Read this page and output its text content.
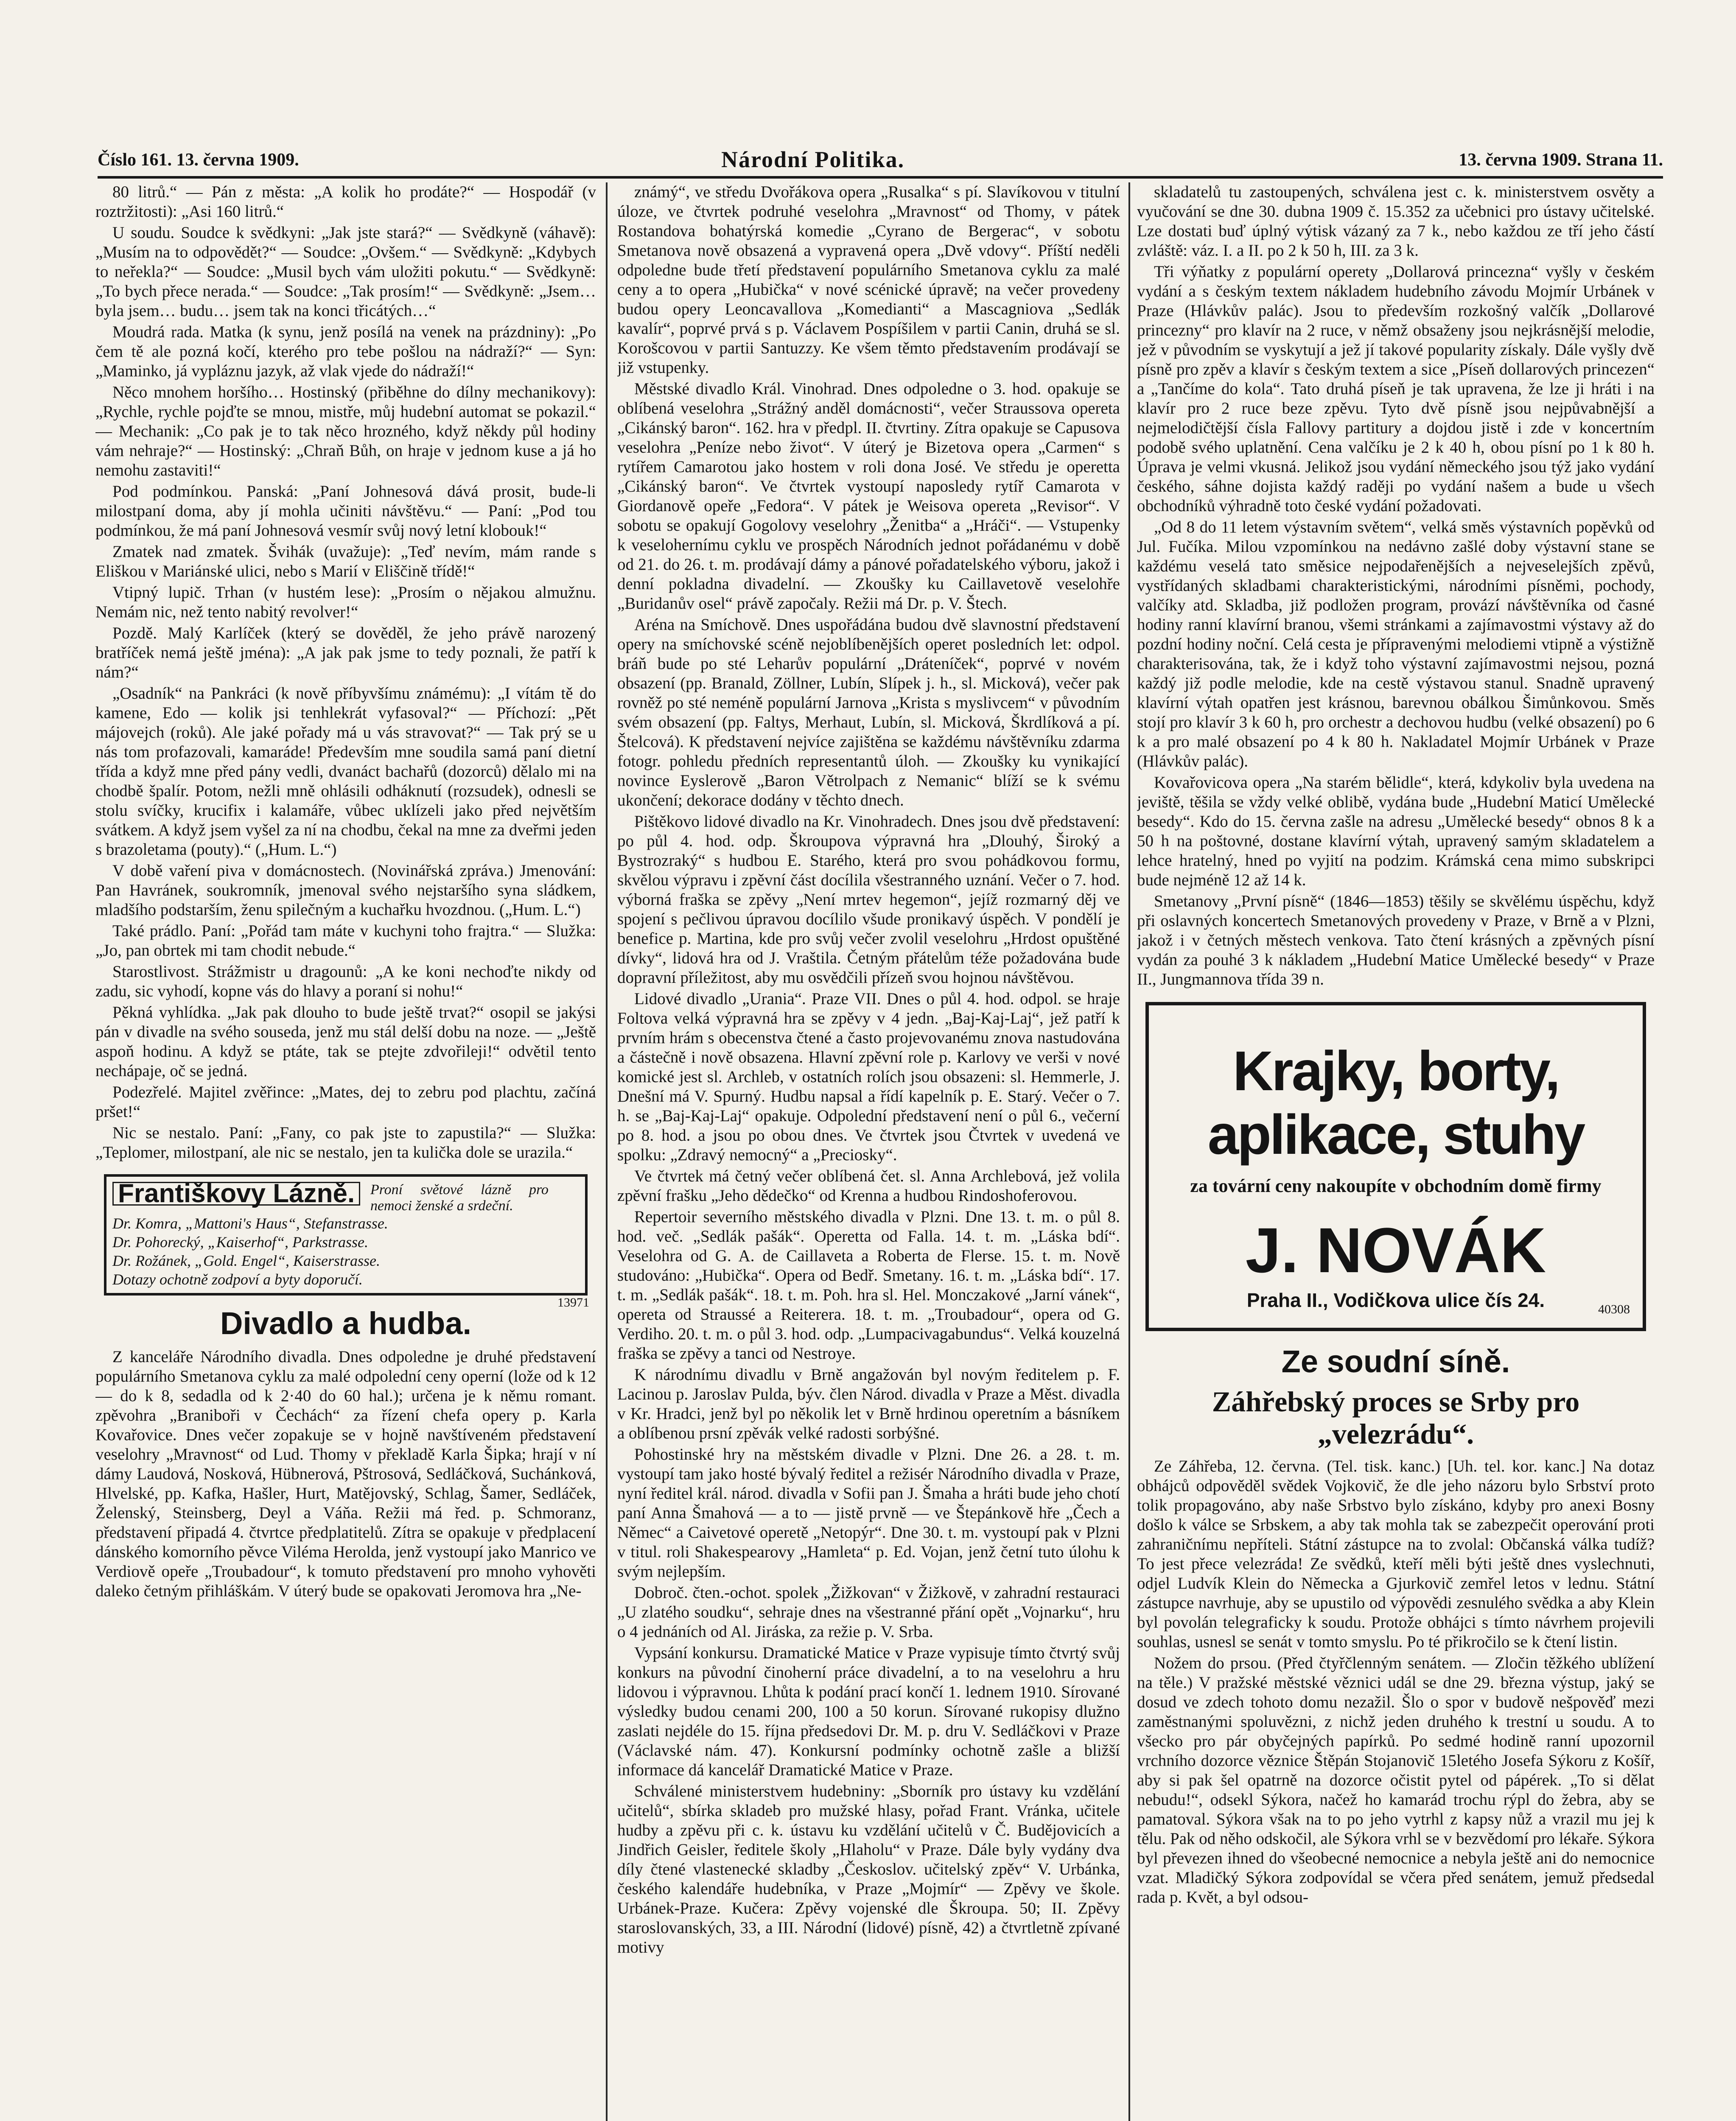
Číslo 161. 13. června 1909.	Národní Politika.	13. června 1909. Strana 11.

80 litrů.“ — Pán z města: „A kolik ho prodáte?“ — Hospodář (v roztržitosti): „Asi 160 litrů.“

U soudu. Soudce k svědkyni: „Jak jste stará?“ — Svědkyně (váhavě): „Musím na to odpovědět?“ — Soudce: „Ovšem.“ — Svědkyně: „Kdybych to neřekla?“ — Soudce: „Musil bych vám uložiti pokutu.“ — Svědkyně: „To bych přece nerada.“ — Soudce: „Tak prosím!“ — Svědkyně: „Jsem… byla jsem… budu… jsem tak na konci třicátých…“

Moudrá rada. Matka (k synu, jenž posílá na venek na prázdniny): „Po čem tě ale pozná kočí, kterého pro tebe pošlou na nádraží?“ — Syn: „Maminko, já vypláznu jazyk, až vlak vjede do nádraží!“

Něco mnohem horšího… Hostinský (přiběhne do dílny mechanikovy): „Rychle, rychle pojďte se mnou, mistře, můj hudební automat se pokazil.“ — Mechanik: „Co pak je to tak něco hrozného, když někdy půl hodiny vám nehraje?“ — Hostinský: „Chraň Bůh, on hraje v jednom kuse a já ho nemohu zastaviti!“

Pod podmínkou. Panská: „Paní Johnesová dává prosit, bude-li milostpaní doma, aby jí mohla učiniti návštěvu.“ — Paní: „Pod tou podmínkou, že má paní Johnesová vesmír svůj nový letní klobouk!“

Zmatek nad zmatek. Švihák (uvažuje): „Teď nevím, mám rande s Eliškou v Mariánské ulici, nebo s Marií v Eliščině třídě!“

Vtipný lupič. Trhan (v hustém lese): „Prosím o nějakou almužnu. Nemám nic, než tento nabitý revolver!“

Pozdě. Malý Karlíček (který se dověděl, že jeho právě narozený bratříček nemá ještě jména): „A jak pak jsme to tedy poznali, že patří k nám?“

„Osadník“ na Pankráci (k nově příbyvšímu známému): „I vítám tě do kamene, Edo — kolik jsi tenhlekrát vyfasoval?“ — Příchozí: „Pět májovejch (roků). Ale jaké pořady má u vás stravovat?“ — Tak prý se u nás tom profazovali, kamaráde! Především mne soudila samá paní dietní třída a když mne před pány vedli, dvanáct bachařů (dozorců) dělalo mi na chodbě špalír. Potom, nežli mně ohlásili odháknutí (rozsudek), odnesli se stolu svíčky, krucifix i kalamáře, vůbec uklízeli jako před největším svátkem. A když jsem vyšel za ní na chodbu, čekal na mne za dveřmi jeden s brazoletama (pouty).“ („Hum. L.“)

V době vaření piva v domácnostech. (Novinářská zpráva.) Jmenování: Pan Havránek, soukromník, jmenoval svého nejstaršího syna sládkem, mladšího podstarším, ženu spilečným a kuchařku hvozdnou. („Hum. L.“)

Také prádlo. Paní: „Pořád tam máte v kuchyni toho frajtra.“ — Služka: „Jo, pan obrtek mi tam chodit nebude.“

Starostlivost. Strážmistr u dragounů: „A ke koni nechoďte nikdy od zadu, sic vyhodí, kopne vás do hlavy a poraní si nohu!“

Pěkná vyhlídka. „Jak pak dlouho to bude ještě trvat?“ osopil se jakýsi pán v divadle na svého souseda, jenž mu stál delší dobu na noze. — „Ještě aspoň hodinu. A když se ptáte, tak se ptejte zdvořileji!“ odvětil tento nechápaje, oč se jedná.

Podezřelé. Majitel zvěřince: „Mates, dej to zebru pod plachtu, začíná pršet!“

Nic se nestalo. Paní: „Fany, co pak jste to zapustila?“ — Služka: „Teplomer, milostpaní, ale nic se nestalo, jen ta kulička dole se urazila.“

Františkovy Lázně. Proní světové lázně pro nemoci ženské a srdeční.
Dr. Komra, „Mattoni's Haus“, Stefanstrasse.
Dr. Pohorecký, „Kaiserhof“, Parkstrasse.
Dr. Rožánek, „Gold. Engel“, Kaiserstrasse.
Dotazy ochotně zodpoví a byty doporučí.
13971
Divadlo a hudba.

Z kanceláře Národního divadla. Dnes odpoledne je druhé představení populárního Smetanova cyklu za malé odpolední ceny operní (lože od k 12— do k 8, sedadla od k 2·40 do 60 hal.); určena je k němu romant. zpěvohra „Braniboři v Čechách“ za řízení chefa opery p. Karla Kovařovice. Dnes večer zopakuje se v hojně navštíveném představení veselohry „Mravnost“ od Lud. Thomy v překladě Karla Šipka; hrají v ní dámy Laudová, Nosková, Hübnerová, Pštrosová, Sedláčková, Suchánková, Hlvelské, pp. Kafka, Hašler, Hurt, Matějovský, Schlag, Šamer, Sedláček, Želenský, Steinsberg, Deyl a Váňa. Režii má řed. p. Schmoranz, představení připadá 4. čtvrtce předplatitelů. Zítra se opakuje v předplacení dánského komorního pěvce Viléma Herolda, jenž vystoupí jako Manrico ve Verdiově opeře „Troubadour“, k tomuto představení pro mnoho vyhověti daleko četným přihláškám. V úterý bude se opakovati Jeromova hra „Ne-

známý“, ve středu Dvořákova opera „Rusalka“ s pí. Slavíkovou v titulní úloze, ve čtvrtek podruhé veselohra „Mravnost“ od Thomy, v pátek Rostandova bohatýrská komedie „Cyrano de Bergerac“, v sobotu Smetanova nově obsazená a vypravená opera „Dvě vdovy“. Příští neděli odpoledne bude třetí představení populárního Smetanova cyklu za malé ceny a to opera „Hubička“ v nové scénické úpravě; na večer provedeny budou opery Leoncavallova „Komedianti“ a Mascagniova „Sedlák kavalír“, poprvé prvá s p. Václavem Pospíšilem v partii Canin, druhá se sl. Korošcovou v partii Santuzzy. Ke všem těmto představením prodávají se již vstupenky.

Městské divadlo Král. Vinohrad. Dnes odpoledne o 3. hod. opakuje se oblíbená veselohra „Strážný anděl domácnosti“, večer Straussova opereta „Cikánský baron“. 162. hra v předpl. II. čtvrtiny. Zítra opakuje se Capusova veselohra „Peníze nebo život“. V úterý je Bizetova opera „Carmen“ s rytířem Camarotou jako hostem v roli dona José. Ve středu je operetta „Cikánský baron“. Ve čtvrtek vystoupí naposledy rytíř Camarota v Giordanově opeře „Fedora“. V pátek je Weisova opereta „Revisor“. V sobotu se opakují Gogolovy veselohry „Ženitba“ a „Hráči“. — Vstupenky k veselohernímu cyklu ve prospěch Národních jednot pořádanému v době od 21. do 26. t. m. prodávají dámy a pánové pořadatelského výboru, jakož i denní pokladna divadelní. — Zkoušky ku Caillavetově veselohře „Buridanův osel“ právě započaly. Režii má Dr. p. V. Štech.

Aréna na Smíchově. Dnes uspořádána budou dvě slavnostní představení opery na smíchovské scéně nejoblíbenějších operet posledních let: odpol. bráň bude po sté Leharův populární „Dráteníček“, poprvé v novém obsazení (pp. Branald, Zöllner, Lubín, Slípek j. h., sl. Micková), večer pak rovněž po sté neméně populární Jarnova „Krista s myslivcem“ v původním svém obsazení (pp. Faltys, Merhaut, Lubín, sl. Micková, Škrdlíková a pí. Štelcová). K představení nejvíce zajištěna se každému návštěvníku zdarma fotogr. pohledu předních representantů úloh. — Zkoušky ku vynikající novince Eyslerově „Baron Větrolpach z Nemanic“ blíží se k svému ukončení; dekorace dodány v těchto dnech.

Pištěkovo lidové divadlo na Kr. Vinohradech. Dnes jsou dvě představení: po půl 4. hod. odp. Škroupova výpravná hra „Dlouhý, Široký a Bystrozraký“ s hudbou E. Starého, která pro svou pohádkovou formu, skvělou výpravu i zpěvní část docílila všestranného uznání. Večer o 7. hod. výborná fraška se zpěvy „Není mrtev hegemon“, jejíž rozmarný děj ve spojení s pečlivou úpravou docílilo všude pronikavý úspěch. V pondělí je benefice p. Martina, kde pro svůj večer zvolil veselohru „Hrdost opuštěné dívky“, lidová hra od J. Vraštila. Četným přátelům téže požadována bude dopravní příležitost, aby mu osvědčili přízeň svou hojnou návštěvou.

Lidové divadlo „Urania“. Praze VII. Dnes o půl 4. hod. odpol. se hraje Foltova velká výpravná hra se zpěvy v 4 jedn. „Baj-Kaj-Laj“, jež patří k prvním hrám s obecenstva čtené a často projevovanému znova nastudována a částečně i nově obsazena. Hlavní zpěvní role p. Karlovy ve verši v nové komické jest sl. Archleb, v ostatních rolích jsou obsazeni: sl. Hemmerle, J. Dnešní má V. Spurný. Hudbu napsal a řídí kapelník p. E. Starý. Večer o 7. h. se „Baj-Kaj-Laj“ opakuje. Odpolední představení není o půl 6., večerní po 8. hod. a jsou po obou dnes. Ve čtvrtek jsou Čtvrtek v uvedená ve spolku: „Zdravý nemocný“ a „Preciosky“.

Ve čtvrtek má četný večer oblíbená čet. sl. Anna Archlebová, jež volila zpěvní frašku „Jeho dědečko“ od Krenna a hudbou Rindoshoferovou.

Repertoir severního městského divadla v Plzni. Dne 13. t. m. o půl 8. hod. več. „Sedlák pašák“. Operetta od Falla. 14. t. m. „Láska bdí“. Veselohra od G. A. de Caillaveta a Roberta de Flerse. 15. t. m. Nově studováno: „Hubička“. Opera od Bedř. Smetany. 16. t. m. „Láska bdí“. 17. t. m. „Sedlák pašák“. 18. t. m. Poh. hra sl. Hel. Monczakové „Jarní vánek“, opereta od Straussé a Reiterera. 18. t. m. „Troubadour“, opera od G. Verdiho. 20. t. m. o půl 3. hod. odp. „Lumpacivagabundus“. Velká kouzelná fraška se zpěvy a tanci od Nestroye.

K národnímu divadlu v Brně angažován byl novým ředitelem p. F. Lacinou p. Jaroslav Pulda, býv. člen Národ. divadla v Praze a Měst. divadla v Kr. Hradci, jenž byl po několik let v Brně hrdinou operetním a básníkem a oblíbenou prsní zpěvák velké radosti sorbýšné.

Pohostinské hry na městském divadle v Plzni. Dne 26. a 28. t. m. vystoupí tam jako hosté bývalý ředitel a režisér Národního divadla v Praze, nyní ředitel král. národ. divadla v Sofii pan J. Šmaha a hráti bude jeho chotí paní Anna Šmahová — a to — jistě prvně — ve Štepánkově hře „Čech a Němec“ a Caivetové operetě „Netopýr“. Dne 30. t. m. vystoupí pak v Plzni v titul. roli Shakespearovy „Hamleta“ p. Ed. Vojan, jenž četní tuto úlohu k svým nejlepším.

Dobroč. čten.-ochot. spolek „Žižkovan“ v Žižkově, v zahradní restauraci „U zlatého soudku“, sehraje dnes na všestranné přání opět „Vojnarku“, hru o 4 jednáních od Al. Jiráska, za režie p. V. Srba.

Vypsání konkursu. Dramatické Matice v Praze vypisuje tímto čtvrtý svůj konkurs na původní činoherní práce divadelní, a to na veselohru a hru lidovou i výpravnou. Lhůta k podání prací končí 1. lednem 1910. Sírované výsledky budou cenami 200, 100 a 50 korun. Sírované rukopisy dlužno zaslati nejdéle do 15. října předsedovi Dr. M. p. dru V. Sedláčkovi v Praze (Václavské nám. 47). Konkursní podmínky ochotně zašle a bližší informace dá kancelář Dramatické Matice v Praze.

Schválené ministerstvem hudebniny: „Sborník pro ústavy ku vzdělání učitelů“, sbírka skladeb pro mužské hlasy, pořad Frant. Vránka, učitele hudby a zpěvu při c. k. ústavu ku vzdělání učitelů v Č. Budějovicích a Jindřich Geisler, ředitele školy „Hlaholu“ v Praze. Dále byly vydány dva díly čtené vlastenecké skladby „Českoslov. učitelský zpěv“ V. Urbánka, českého kalendáře hudebníka, v Praze „Mojmír“ — Zpěvy ve škole. Urbánek-Praze. Kučera: Zpěvy vojenské dle Škroupa. 50; II. Zpěvy staroslovanských, 33, a III. Národní (lidové) písně, 42) a čtvrtletně zpívané motivy

skladatelů tu zastoupených, schválena jest c. k. ministerstvem osvěty a vyučování se dne 30. dubna 1909 č. 15.352 za učebnici pro ústavy učitelské. Lze dostati buď úplný výtisk vázaný za 7 k., nebo každou ze tří jeho částí zvláště: váz. I. a II. po 2 k 50 h, III. za 3 k.

Tři výňatky z populární operety „Dollarová princezna“ vyšly v českém vydání a s českým textem nákladem hudebního závodu Mojmír Urbánek v Praze (Hlávkův palác). Jsou to především rozkošný valčík „Dollarové princezny“ pro klavír na 2 ruce, v němž obsaženy jsou nejkrásnější melodie, jež v původním se vyskytují a jež jí takové popularity získaly. Dále vyšly dvě písně pro zpěv a klavír s českým textem a sice „Píseň dollarových princezen“ a „Tančíme do kola“. Tato druhá píseň je tak upravena, že lze ji hráti i na klavír pro 2 ruce beze zpěvu. Tyto dvě písně jsou nejpůvabnější a nejmelodičtější čísla Fallovy partitury a dojdou jistě i zde v koncertním podobě svého uplatnění. Cena valčíku je 2 k 40 h, obou písní po 1 k 80 h. Úprava je velmi vkusná. Jelikož jsou vydání německého jsou týž jako vydání českého, sáhne dojista každý raději po vydání našem a bude u všech obchodníků výhradně toto české vydání požadovati.

„Od 8 do 11 letem výstavním světem“, velká směs výstavních popěvků od Jul. Fučíka. Milou vzpomínkou na nedávno zašlé doby výstavní stane se každému veselá tato směsice nejpodařenějších a nejveselejších zpěvů, vystřídaných skladbami charakteristickými, národními písněmi, pochody, valčíky atd. Skladba, již podložen program, provází návštěvníka od časné hodiny ranní klavírní branou, všemi stránkami a zajímavostmi výstavy až do pozdní hodiny noční. Celá cesta je přípravenými melodiemi vtipně a výstižně charakterisována, tak, že i když toho výstavní zajímavostmi nejsou, pozná každý již podle melodie, kde na cestě výstavou stanul. Snadně upravený klavírní výtah opatřen jest krásnou, barevnou obálkou Šimůnkovou. Směs stojí pro klavír 3 k 60 h, pro orchestr a dechovou hudbu (velké obsazení) po 6 k a pro malé obsazení po 4 k 80 h. Nakladatel Mojmír Urbánek v Praze (Hlávkův palác).

Kovařovicova opera „Na starém bělidle“, která, kdykoliv byla uvedena na jeviště, těšila se vždy velké oblibě, vydána bude „Hudební Maticí Umělecké besedy“. Kdo do 15. června zašle na adresu „Umělecké besedy“ obnos 8 k a 50 h na poštovné, dostane klavírní výtah, upravený samým skladatelem a lehce hratelný, hned po vyjití na podzim. Krámská cena mimo subskripci bude nejméně 12 až 14 k.

Smetanovy „První písně“ (1846—1853) těšily se skvělému úspěchu, když při oslavných koncertech Smetanových provedeny v Praze, v Brně a v Plzni, jakož i v četných městech venkova. Tato čtení krásných a zpěvných písní vydán za pouhé 3 k nákladem „Hudební Matice Umělecké besedy“ v Praze II., Jungmannova třída 39 n.

Krajky, borty, aplikace, stuhy
za tovární ceny nakoupíte v obchodním domě firmy
J. NOVÁK
Praha II., Vodičkova ulice čís 24.	40308
Ze soudní síně.
Záhřebský proces se Srby pro „velezrádu“.

Ze Záhřeba, 12. června. (Tel. tisk. kanc.) [Uh. tel. kor. kanc.] Na dotaz obhájců odpověděl svědek Vojkovič, že dle jeho názoru bylo Srbství proto tolik propagováno, aby naše Srbstvo bylo získáno, kdyby pro anexi Bosny došlo k válce se Srbskem, a aby tak mohla tak se zabezpečit operování proti zahraničnímu nepříteli. Státní zástupce na to zvolal: Občanská válka tudíž? To jest přece velezráda! Ze svědků, kteří měli býti ještě dnes vyslechnuti, odjel Ludvík Klein do Německa a Gjurkovič zemřel letos v lednu. Státní zástupce navrhuje, aby se upustilo od výpovědi zesnulého svědka a aby Klein byl povolán telegraficky k soudu. Protože obhájci s tímto návrhem projevili souhlas, usnesl se senát v tomto smyslu. Po té přikročilo se k čtení listin.

Nožem do prsou. (Před čtyřčlenným senátem. — Zločin těžkého ublížení na těle.) V pražské městské věznici udál se dne 29. března výstup, jaký se dosud ve zdech tohoto domu nezažil. Šlo o spor v budově nešpověď mezi zaměstnanými spoluvězni, z nichž jeden druhého k trestní u soudu. A to všecko pro pár obyčejných papírků. Po sedmé hodině ranní upozornil vrchního dozorce věznice Štěpán Stojanovič 15letého Josefa Sýkoru z Košíř, aby si pak šel opatrně na dozorce očistit pytel od pápérek. „To si dělat nebudu!“, odsekl Sýkora, načež ho kamarád trochu rýpl do žebra, aby se pamatoval. Sýkora však na to po jeho vytrhl z kapsy nůž a vrazil mu jej k tělu. Pak od něho odskočil, ale Sýkora vrhl se v bezvědomí pro lékaře. Sýkora byl převezen ihned do všeobecné nemocnice a nebyla ještě ani do nemocnice vzat. Mladičký Sýkora zodpovídal se včera před senátem, jemuž předsedal rada p. Květ, a byl odsou-
